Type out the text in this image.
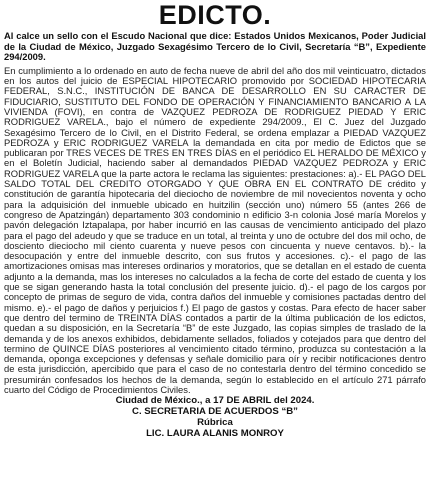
EDICTO.
Al calce un sello con el Escudo Nacional que dice: Estados Unidos Mexicanos, Poder Judicial de la Ciudad de México, Juzgado Sexagésimo Tercero de lo Civil, Secretaría “B”, Expediente 294/2009.
En cumplimiento a lo ordenado en auto de fecha nueve de abril del año dos mil veinticuatro, dictados en los autos del juicio de ESPECIAL HIPOTECARIO promovido por SOCIEDAD HIPOTECARIA FEDERAL, S.N.C., INSTITUCIÓN DE BANCA DE DESARROLLO EN SU CARACTER DE FIDUCIARIO, SUSTITUTO DEL FONDO DE OPERACIÓN Y FINANCIAMIENTO BANCARIO A LA VIVIENDA (FOVI), en contra de VAZQUEZ PEDROZA DE RODRIGUEZ PIEDAD Y ERIC RODRIGUEZ VARELA., bajo el número de expediente 294/2009., El C. Juez del Juzgado Sexagésimo Tercero de lo Civil, en el Distrito Federal, se ordena emplazar a PIEDAD VAZQUEZ PEDROZA y ERIC RODRIGUEZ VARELA la demandada en cita por medio de Edictos que se publicaran por TRES VECES DE TRES EN TRES DÍAS en el periódico EL HERALDO DE MÉXICO y en el Boletín Judicial, haciendo saber al demandados PIEDAD VAZQUEZ PEDROZA y ERIC RODRIGUEZ VARELA que la parte actora le reclama las siguientes: prestaciones: a).- EL PAGO DEL SALDO TOTAL DEL CREDITO OTORGADO Y QUE OBRA EN EL CONTRATO DE crédito y constitución de garantía hipotecaria del dieciocho de noviembre de mil novecientos noventa y ocho para la adquisición del inmueble ubicado en huitzilin (sección uno) número 55 (antes 266 de congreso de Apatzingán) departamento 303 condominio n edificio 3-n colonia José maría Morelos y pavón delegación Iztapalapa, por haber incurrió en las causas de vencimiento anticipado del plazo para el pago del adeudo y que se traduce en un total, al treinta y uno de octubre del dos mil ocho, de dosciento dieciocho mil ciento cuarenta y nueve pesos con cincuenta y nueve centavos. b).- la desocupación y entre del inmueble descrito, con sus frutos y accesiones. c).- el pago de las amortizaciones omisas mas intereses ordinarios y moratorios, que se detallan en el estado de cuenta adjunto a la demanda, mas los intereses no calculados a la fecha de corte del estado de cuenta y los que se sigan generando hasta la total conclusión del presente juicio. d).- el pago de los cargos por concepto de primas de seguro de vida, contra daños del inmueble y comisiones pactadas dentro del mismo. e).- el pago de daños y perjuicios f.) El pago de gastos y costas. Para efecto de hacer saber que dentro del termino de TREINTA DÍAS contados a partir de la última publicación de los edictos, quedan a su disposición, en la Secretaría “B” de este Juzgado, las copias simples de traslado de la demanda y de los anexos exhibidos, debidamente sellados, foliados y cotejados para que dentro del termino de QUINCE DÍAS posteriores al vencimiento citado término, produzca su contestación a la demanda, oponga excepciones y defensas y señale domicilio para oír y recibir notificaciones dentro de esta jurisdicción, apercibido que para el caso de no contestarla dentro del término concedido se presumirán confesados los hechos de la demanda, según lo establecido en el artículo 271 párrafo cuarto del Código de Procedimientos Civiles.
Ciudad de México., a 17 DE ABRIL del 2024.
C. SECRETARIA DE ACUERDOS “B”
Rúbrica
LIC. LAURA ALANIS MONROY
